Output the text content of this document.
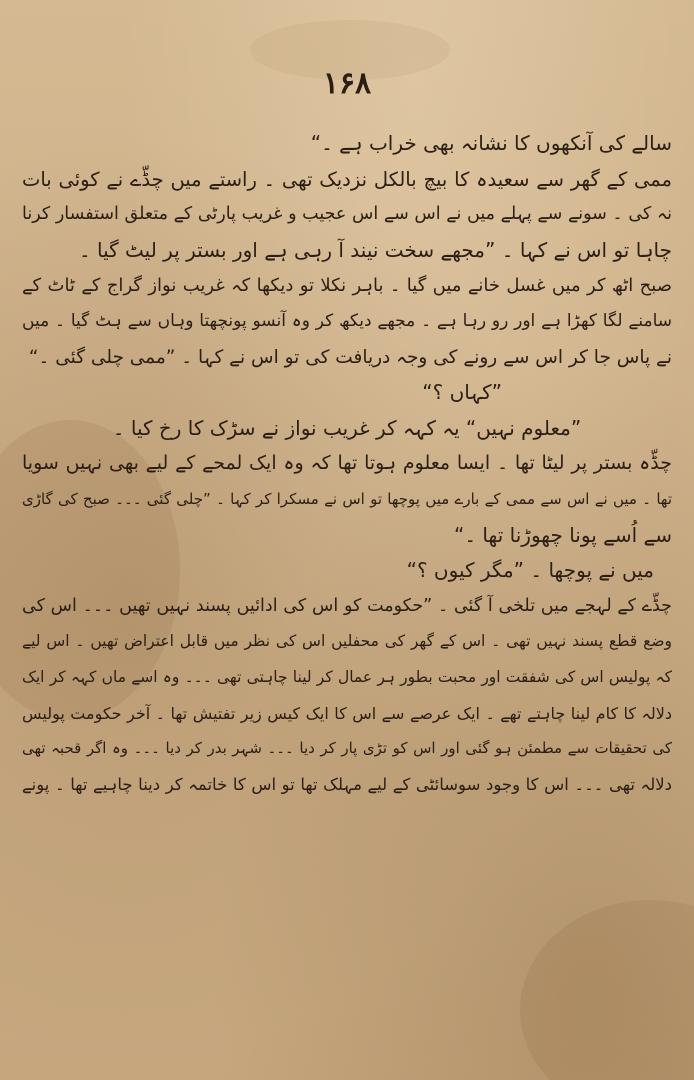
۱۶۸
سالے کی آنکھوں کا نشانہ بھی خراب ہے ۔“
ممی کے گھر سے سعیدہ کا بیچ بالکل نزدیک تھی ۔ راستے میں چڈّے نے کوئی بات
نہ کی ۔ سونے سے پہلے میں نے اس سے اس عجیب و غریب پارٹی کے متعلق استفسار کرنا
چاہا تو اس نے کہا ۔ ”مجھے سخت نیند آ رہی ہے اور بستر پر لیٹ گیا ۔
صبح اٹھ کر میں غسل خانے میں گیا ۔ باہر نکلا تو دیکھا کہ غریب نواز گراج کے ٹاٹ کے
سامنے لگا کھڑا ہے اور رو رہا ہے ۔ مجھے دیکھ کر وہ آنسو پونچھتا وہاں سے ہٹ گیا ۔ میں
نے پاس جا کر اس سے رونے کی وجہ دریافت کی تو اس نے کہا ۔ ”ممی چلی گئی ۔“
”کہاں ؟“
”معلوم نہیں“ یہ کہہ کر غریب نواز نے سڑک کا رخ کیا ۔
چڈّہ بستر پر لیٹا تھا ۔ ایسا معلوم ہوتا تھا کہ وہ ایک لمحے کے لیے بھی نہیں سویا
تھا ۔ میں نے اس سے ممی کے بارے میں پوچھا تو اس نے مسکرا کر کہا ۔ ”چلی گئی ۔۔۔ صبح کی گاڑی
سے اُسے پونا چھوڑنا تھا ۔“
میں نے پوچھا ۔ ”مگر کیوں ؟“
چڈّے کے لہجے میں تلخی آ گئی ۔ ”حکومت کو اس کی ادائیں پسند نہیں تھیں ۔۔۔ اس کی
وضع قطع پسند نہیں تھی ۔ اس کے گھر کی محفلیں اس کی نظر میں قابل اعتراض تھیں ۔ اس لیے
کہ پولیس اس کی شفقت اور محبت بطور ہر عمال کر لینا چاہتی تھی ۔۔۔ وہ اسے ماں کہہ کر ایک
دلالہ کا کام لینا چاہتے تھے ۔ ایک عرصے سے اس کا ایک کیس زیر تفتیش تھا ۔ آخر حکومت پولیس
کی تحقیقات سے مطمئن ہو گئی اور اس کو تڑی پار کر دیا ۔۔۔ شہر بدر کر دیا ۔۔۔ وہ اگر قحبہ تھی
دلالہ تھی ۔۔۔ اس کا وجود سوسائٹی کے لیے مہلک تھا تو اس کا خاتمہ کر دینا چاہیے تھا ۔ پونے
